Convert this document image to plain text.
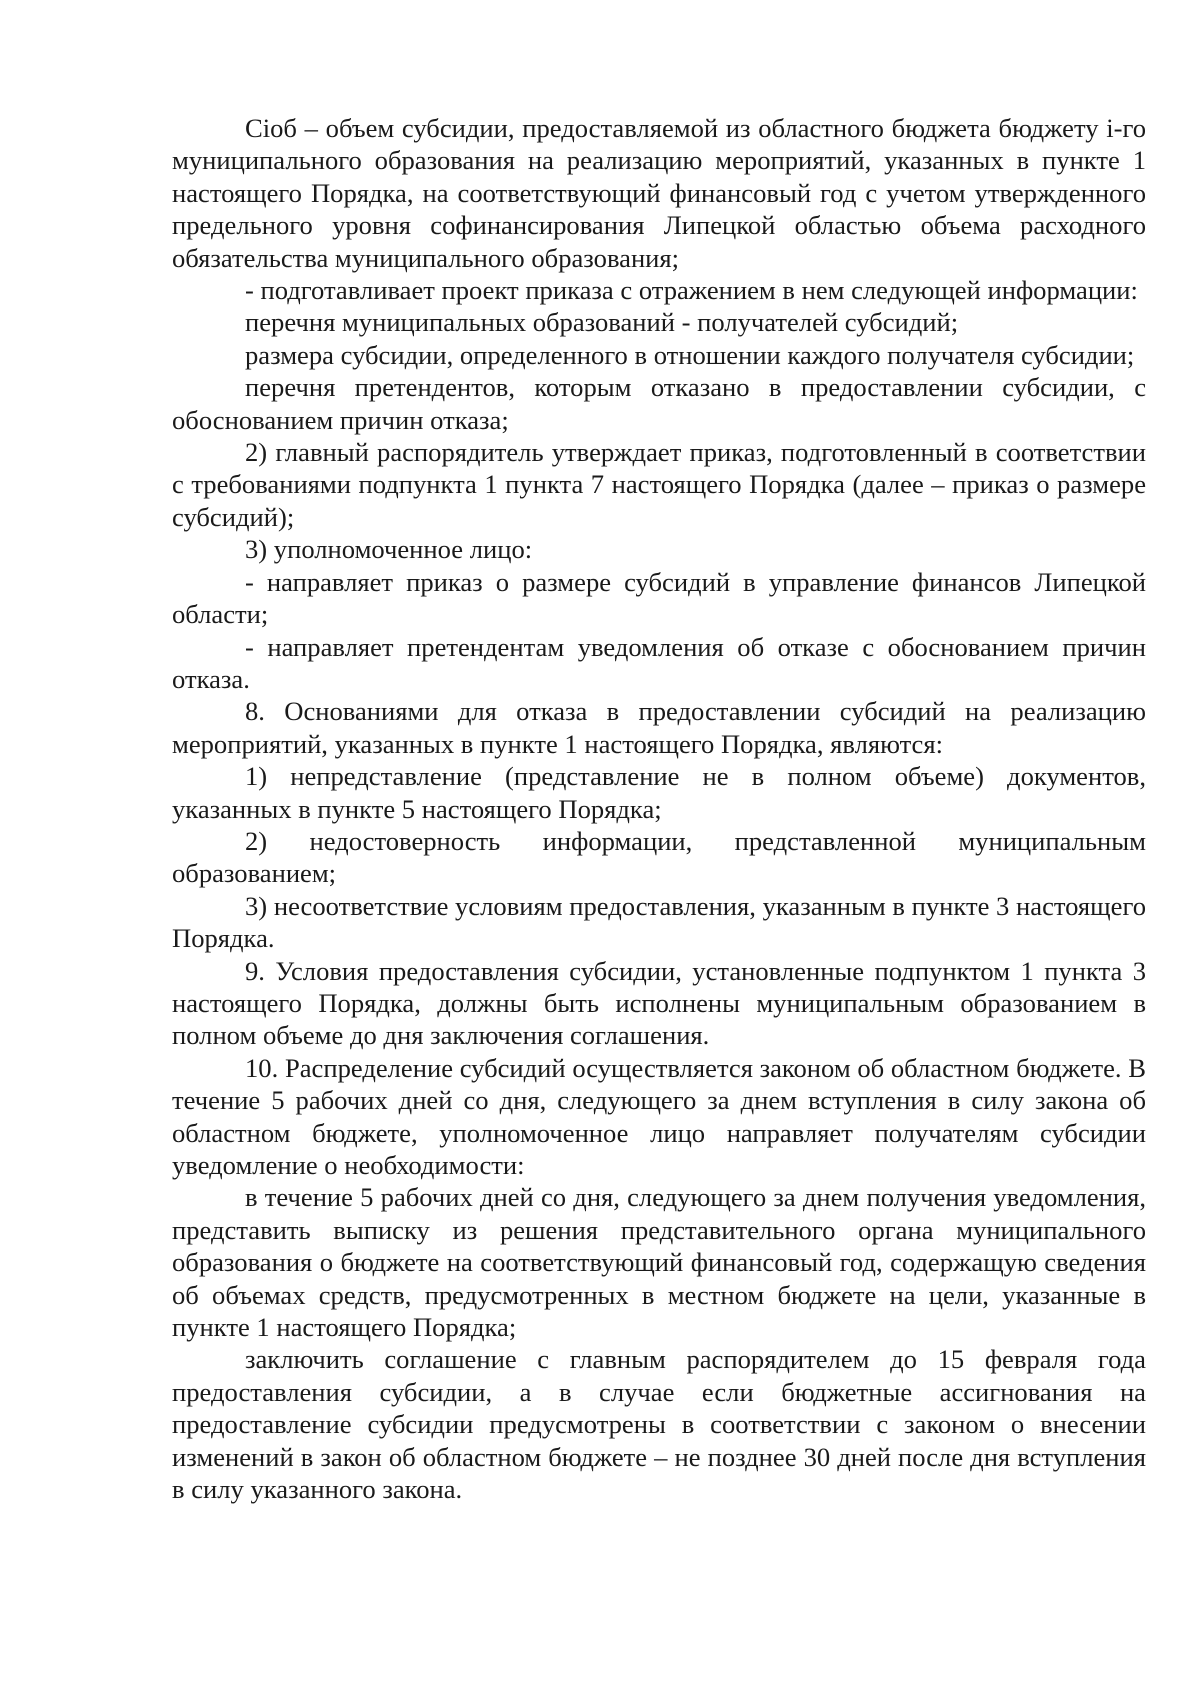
Ciоб – объем субсидии, предоставляемой из областного бюджета бюджету i-го муниципального образования на реализацию мероприятий, указанных в пункте 1 настоящего Порядка, на соответствующий финансовый год с учетом утвержденного предельного уровня софинансирования Липецкой областью объема расходного обязательства муниципального образования;

- подготавливает проект приказа с отражением в нем следующей информации:

перечня муниципальных образований - получателей субсидий;

размера субсидии, определенного в отношении каждого получателя субсидии;

перечня претендентов, которым отказано в предоставлении субсидии, с обоснованием причин отказа;

2) главный распорядитель утверждает приказ, подготовленный в соответствии с требованиями подпункта 1 пункта 7 настоящего Порядка (далее – приказ о размере субсидий);

3) уполномоченное лицо:

- направляет приказ о размере субсидий в управление финансов Липецкой области;

- направляет претендентам уведомления об отказе с обоснованием причин отказа.

8. Основаниями для отказа в предоставлении субсидий на реализацию мероприятий, указанных в пункте 1 настоящего Порядка, являются:

1) непредставление (представление не в полном объеме) документов, указанных в пункте 5 настоящего Порядка;

2) недостоверность информации, представленной муниципальным образованием;

3) несоответствие условиям предоставления, указанным в пункте 3 настоящего Порядка.

9. Условия предоставления субсидии, установленные подпунктом 1 пункта 3 настоящего Порядка, должны быть исполнены муниципальным образованием в полном объеме до дня заключения соглашения.

10. Распределение субсидий осуществляется законом об областном бюджете. В течение 5 рабочих дней со дня, следующего за днем вступления в силу закона об областном бюджете, уполномоченное лицо направляет получателям субсидии уведомление о необходимости:

в течение 5 рабочих дней со дня, следующего за днем получения уведомления, представить выписку из решения представительного органа муниципального образования о бюджете на соответствующий финансовый год, содержащую сведения об объемах средств, предусмотренных в местном бюджете на цели, указанные в пункте 1 настоящего Порядка;

заключить соглашение с главным распорядителем до 15 февраля года предоставления субсидии, а в случае если бюджетные ассигнования на предоставление субсидии предусмотрены в соответствии с законом о внесении изменений в закон об областном бюджете – не позднее 30 дней после дня вступления в силу указанного закона.
